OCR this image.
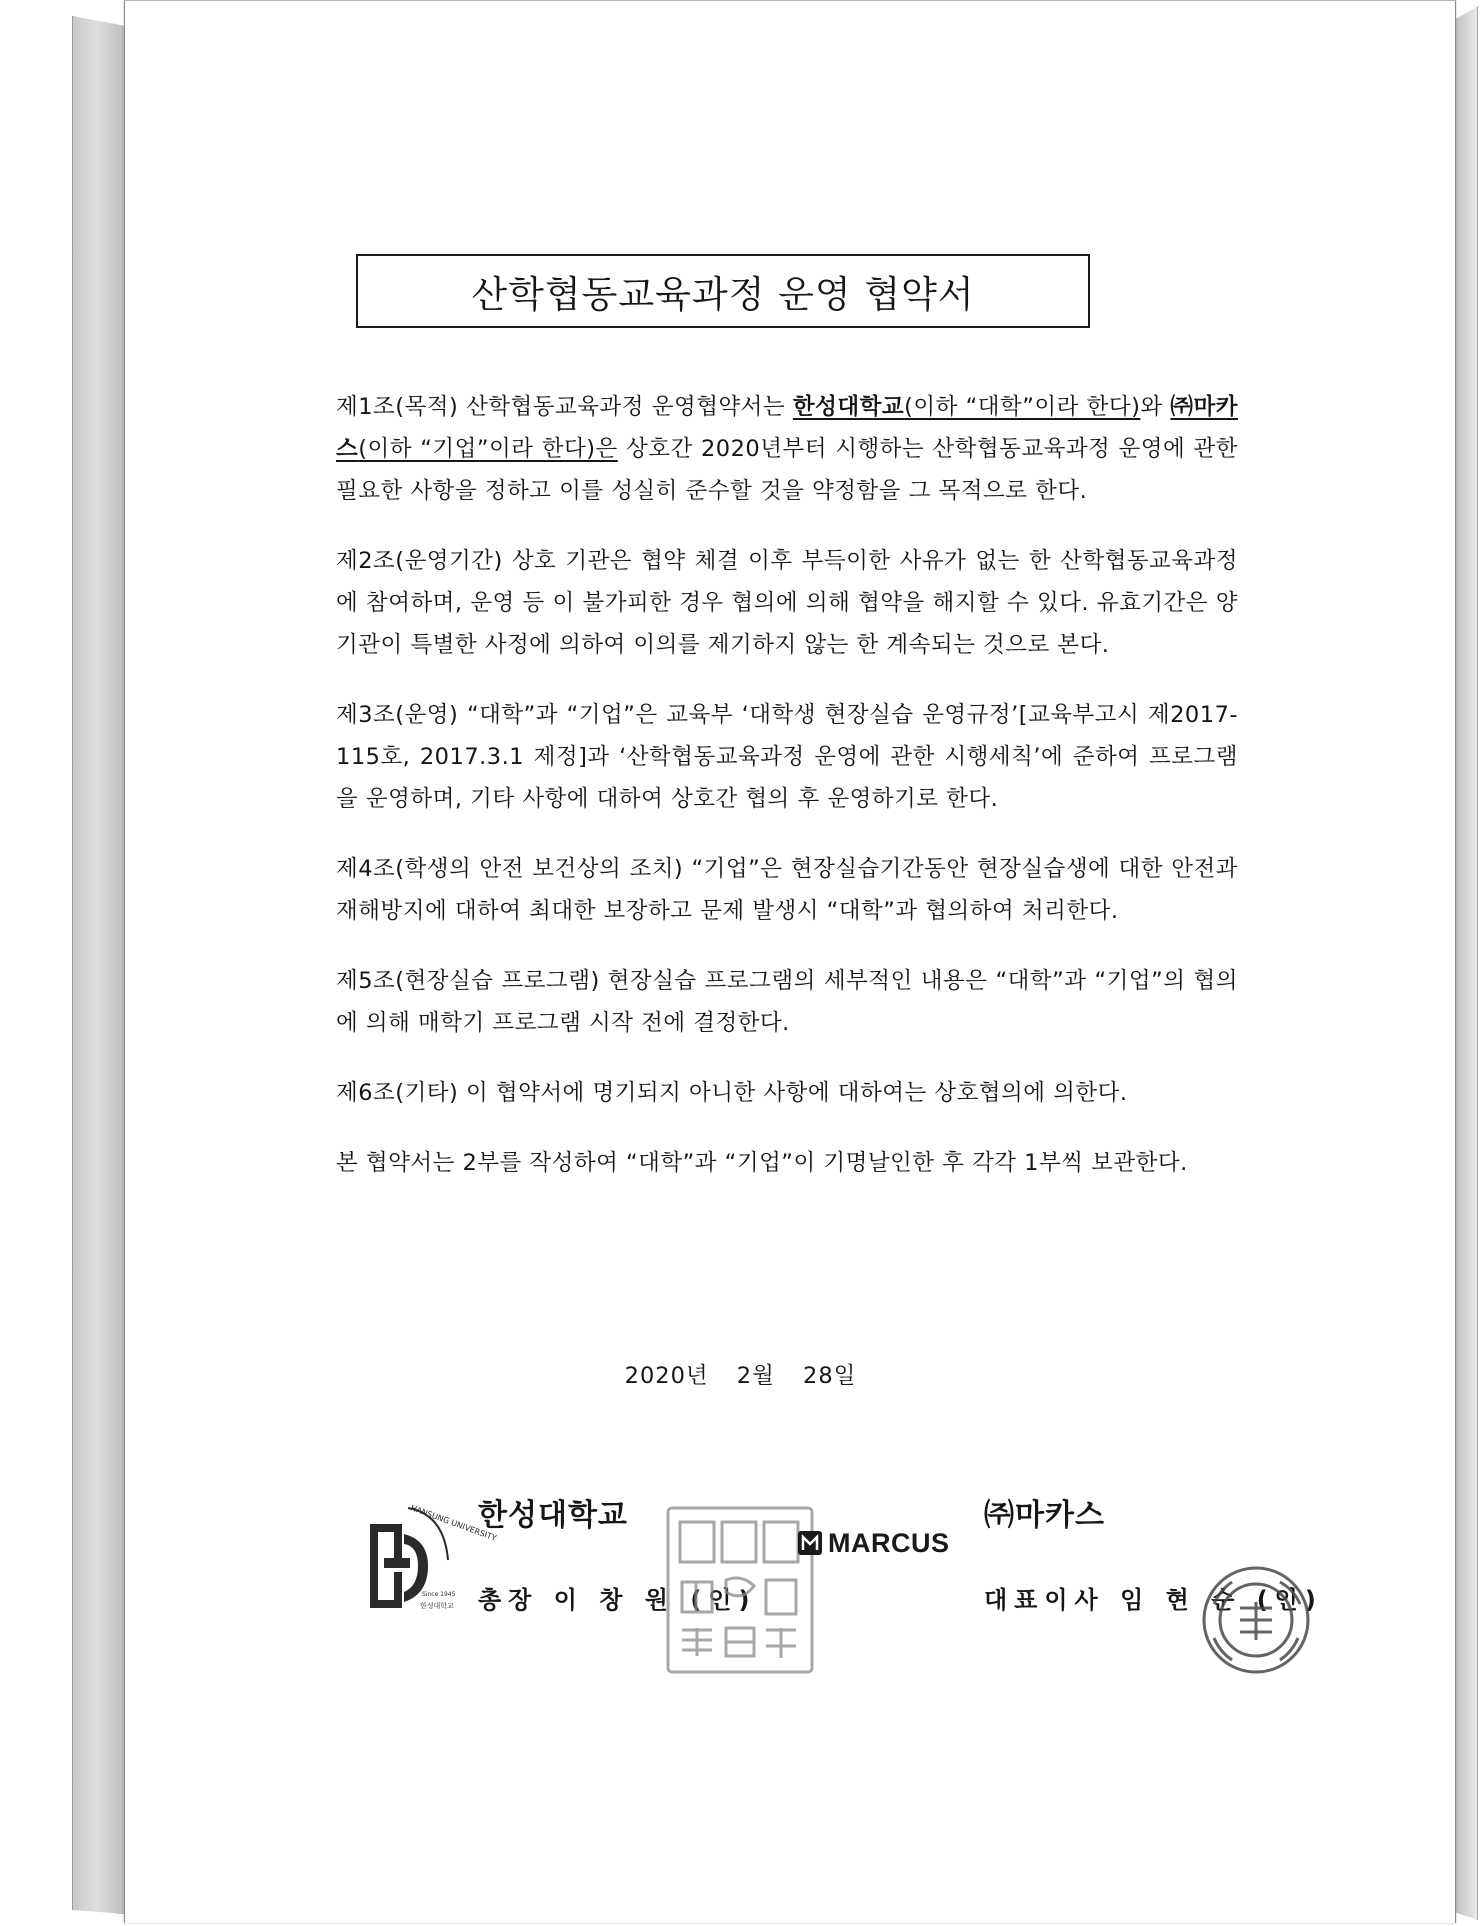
산학협동교육과정 운영 협약서

제1조(목적) 산학협동교육과정 운영협약서는 한성대학교(이하 “대학”이라 한다)와 ㈜마카스(이하 “기업”이라 한다)은 상호간 2020년부터 시행하는 산학협동교육과정 운영에 관한 필요한 사항을 정하고 이를 성실히 준수할 것을 약정함을 그 목적으로 한다.

제2조(운영기간) 상호 기관은 협약 체결 이후 부득이한 사유가 없는 한 산학협동교육과정에 참여하며, 운영 등 이 불가피한 경우 협의에 의해 협약을 해지할 수 있다. 유효기간은 양 기관이 특별한 사정에 의하여 이의를 제기하지 않는 한 계속되는 것으로 본다.

제3조(운영) “대학”과 “기업”은 교육부 ‘대학생 현장실습 운영규정’[교육부고시 제2017-115호, 2017.3.1 제정]과 ‘산학협동교육과정 운영에 관한 시행세칙’에 준하여 프로그램을 운영하며, 기타 사항에 대하여 상호간 협의 후 운영하기로 한다.

제4조(학생의 안전 보건상의 조치) “기업”은 현장실습기간동안 현장실습생에 대한 안전과 재해방지에 대하여 최대한 보장하고 문제 발생시 “대학”과 협의하여 처리한다.

제5조(현장실습 프로그램) 현장실습 프로그램의 세부적인 내용은 “대학”과 “기업”의 협의에 의해 매학기 프로그램 시작 전에 결정한다.

제6조(기타) 이 협약서에 명기되지 아니한 사항에 대하여는 상호협의에 의한다.

본 협약서는 2부를 작성하여 “대학”과 “기업”이 기명날인한 후 각각 1부씩 보관한다.

2020년 2월 28일
HANSUNG UNIVERSITY
Since 1945
한성대학교
한성대학교
총장 이 창 원 (인)
MARCUS
㈜마카스
대표이사 임 현 순 (인)
